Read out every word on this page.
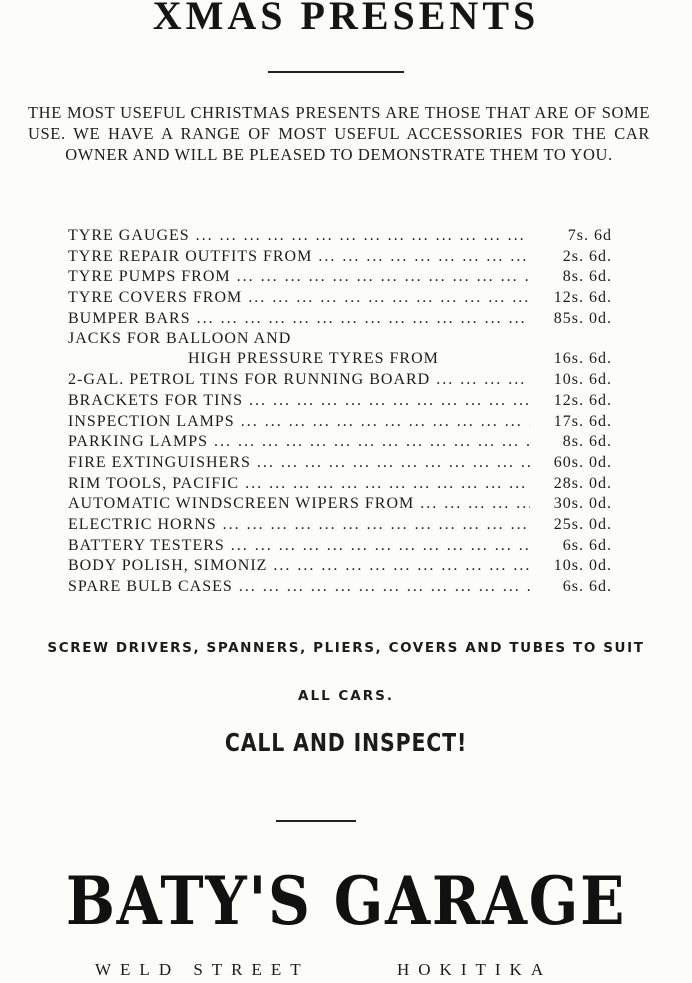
XMAS PRESENTS
THE MOST USEFUL CHRISTMAS PRESENTS ARE THOSE THAT ARE OF SOME USE. WE HAVE A RANGE OF MOST USEFUL ACCESSORIES FOR THE CAR OWNER AND WILL BE PLEASED TO DEMONSTRATE THEM TO YOU.
TYRE GAUGES ... .	7s. 6d
TYRE REPAIR OUTFITS FROM ... .	2s. 6d.
TYRE PUMPS FROM ... .	8s. 6d.
TYRE COVERS FROM ... .	12s. 6d.
BUMPER BARS ... .	85s. 0d.
JACKS FOR BALLOON AND
HIGH PRESSURE TYRES FROM	16s. 6d.
2-GAL. PETROL TINS FOR RUNNING BOARD ... .	10s. 6d.
BRACKETS FOR TINS ... .	12s. 6d.
INSPECTION LAMPS ... .	17s. 6d.
PARKING LAMPS ... .	8s. 6d.
FIRE EXTINGUISHERS ... .	60s. 0d.
RIM TOOLS, PACIFIC ... .	28s. 0d.
AUTOMATIC WINDSCREEN WIPERS FROM ... .	30s. 0d.
ELECTRIC HORNS ... .	25s. 0d.
BATTERY TESTERS ... .	6s. 6d.
BODY POLISH, SIMONIZ ... .	10s. 0d.
SPARE BULB CASES ... .	6s. 6d.
SCREW DRIVERS, SPANNERS, PLIERS, COVERS AND TUBES TO SUIT
ALL CARS.
CALL AND INSPECT!
BATY'S GARAGE
WELD STREET	HOKITIKA
